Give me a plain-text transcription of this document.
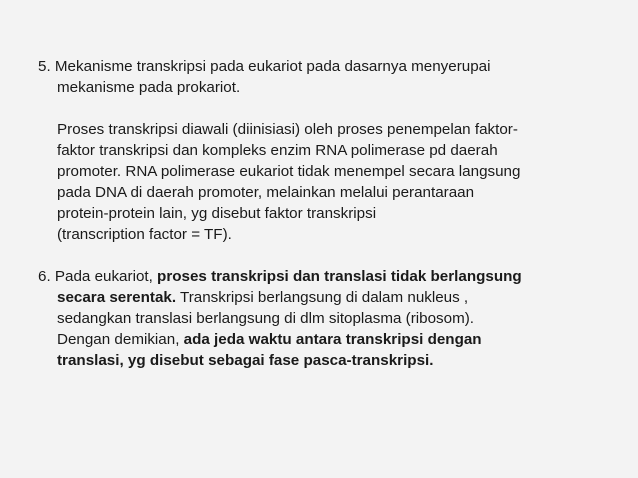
5. Mekanisme transkripsi pada eukariot pada dasarnya menyerupai
mekanisme pada prokariot.

Proses transkripsi diawali (diinisiasi) oleh proses penempelan faktor-
faktor transkripsi dan kompleks enzim RNA polimerase pd daerah
promoter. RNA polimerase eukariot tidak menempel secara langsung
pada DNA di daerah promoter, melainkan melalui perantaraan
protein-protein lain, yg disebut faktor transkripsi
(transcription factor = TF).

6. Pada eukariot, proses transkripsi dan translasi tidak berlangsung
secara serentak. Transkripsi berlangsung di dalam nukleus ,
sedangkan translasi berlangsung di dlm sitoplasma (ribosom).
Dengan demikian, ada jeda waktu antara transkripsi dengan
translasi, yg disebut sebagai fase pasca-transkripsi.
